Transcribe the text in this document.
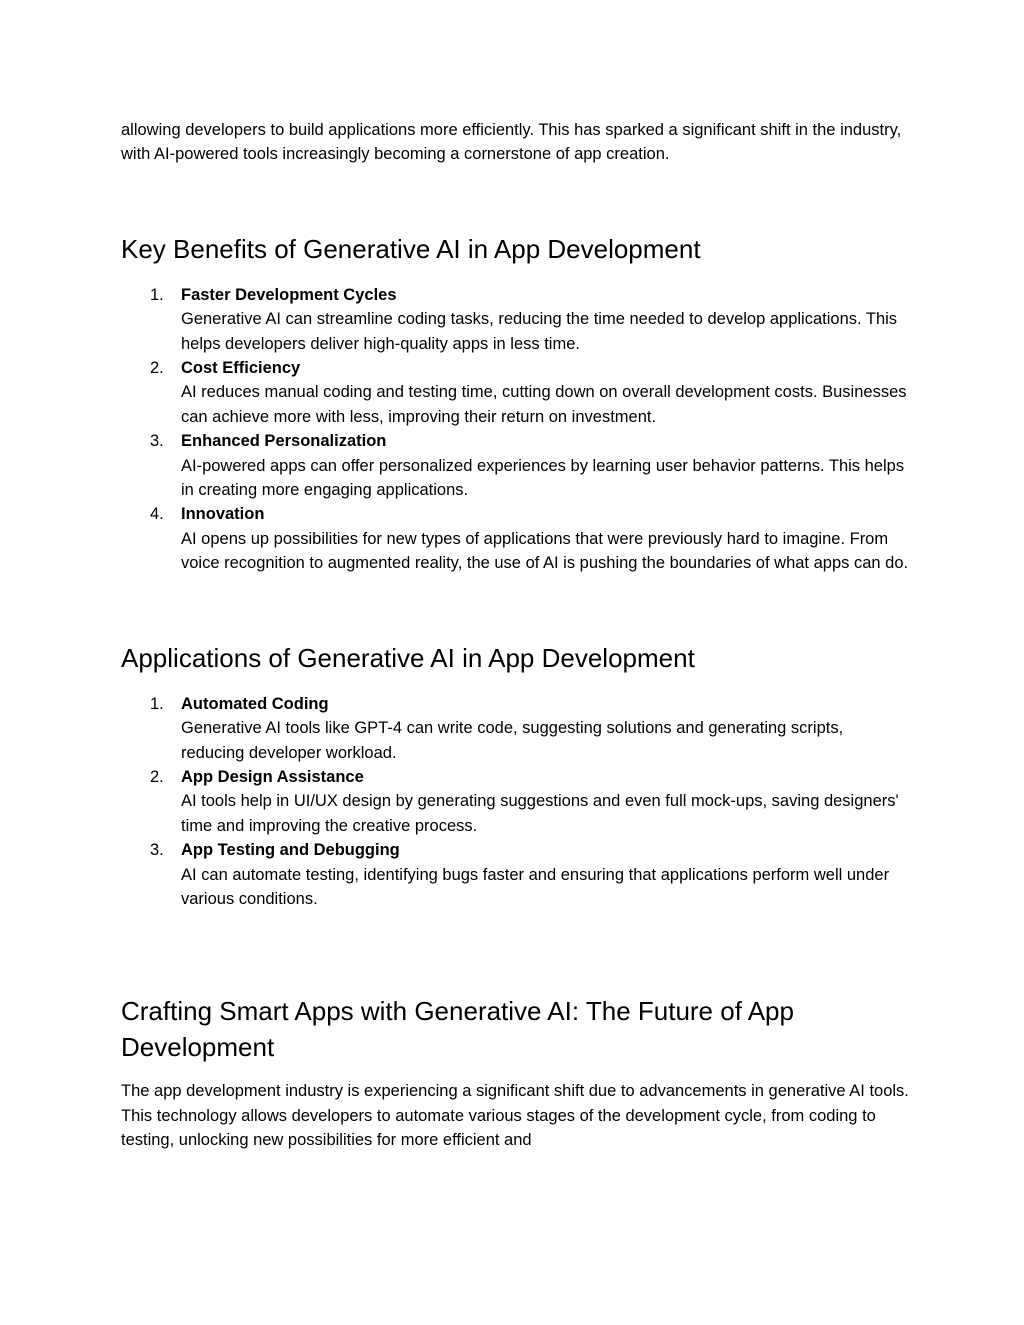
allowing developers to build applications more efficiently. This has sparked a significant shift in the industry, with AI-powered tools increasingly becoming a cornerstone of app creation.

Key Benefits of Generative AI in App Development
1. Faster Development Cycles
Generative AI can streamline coding tasks, reducing the time needed to develop applications. This helps developers deliver high-quality apps in less time.
2. Cost Efficiency
AI reduces manual coding and testing time, cutting down on overall development costs. Businesses can achieve more with less, improving their return on investment.
3. Enhanced Personalization
AI-powered apps can offer personalized experiences by learning user behavior patterns. This helps in creating more engaging applications.
4. Innovation
AI opens up possibilities for new types of applications that were previously hard to imagine. From voice recognition to augmented reality, the use of AI is pushing the boundaries of what apps can do.
Applications of Generative AI in App Development
1. Automated Coding
Generative AI tools like GPT-4 can write code, suggesting solutions and generating scripts, reducing developer workload.
2. App Design Assistance
AI tools help in UI/UX design by generating suggestions and even full mock-ups, saving designers' time and improving the creative process.
3. App Testing and Debugging
AI can automate testing, identifying bugs faster and ensuring that applications perform well under various conditions.
Crafting Smart Apps with Generative AI: The Future of App Development

The app development industry is experiencing a significant shift due to advancements in generative AI tools. This technology allows developers to automate various stages of the development cycle, from coding to testing, unlocking new possibilities for more efficient and
